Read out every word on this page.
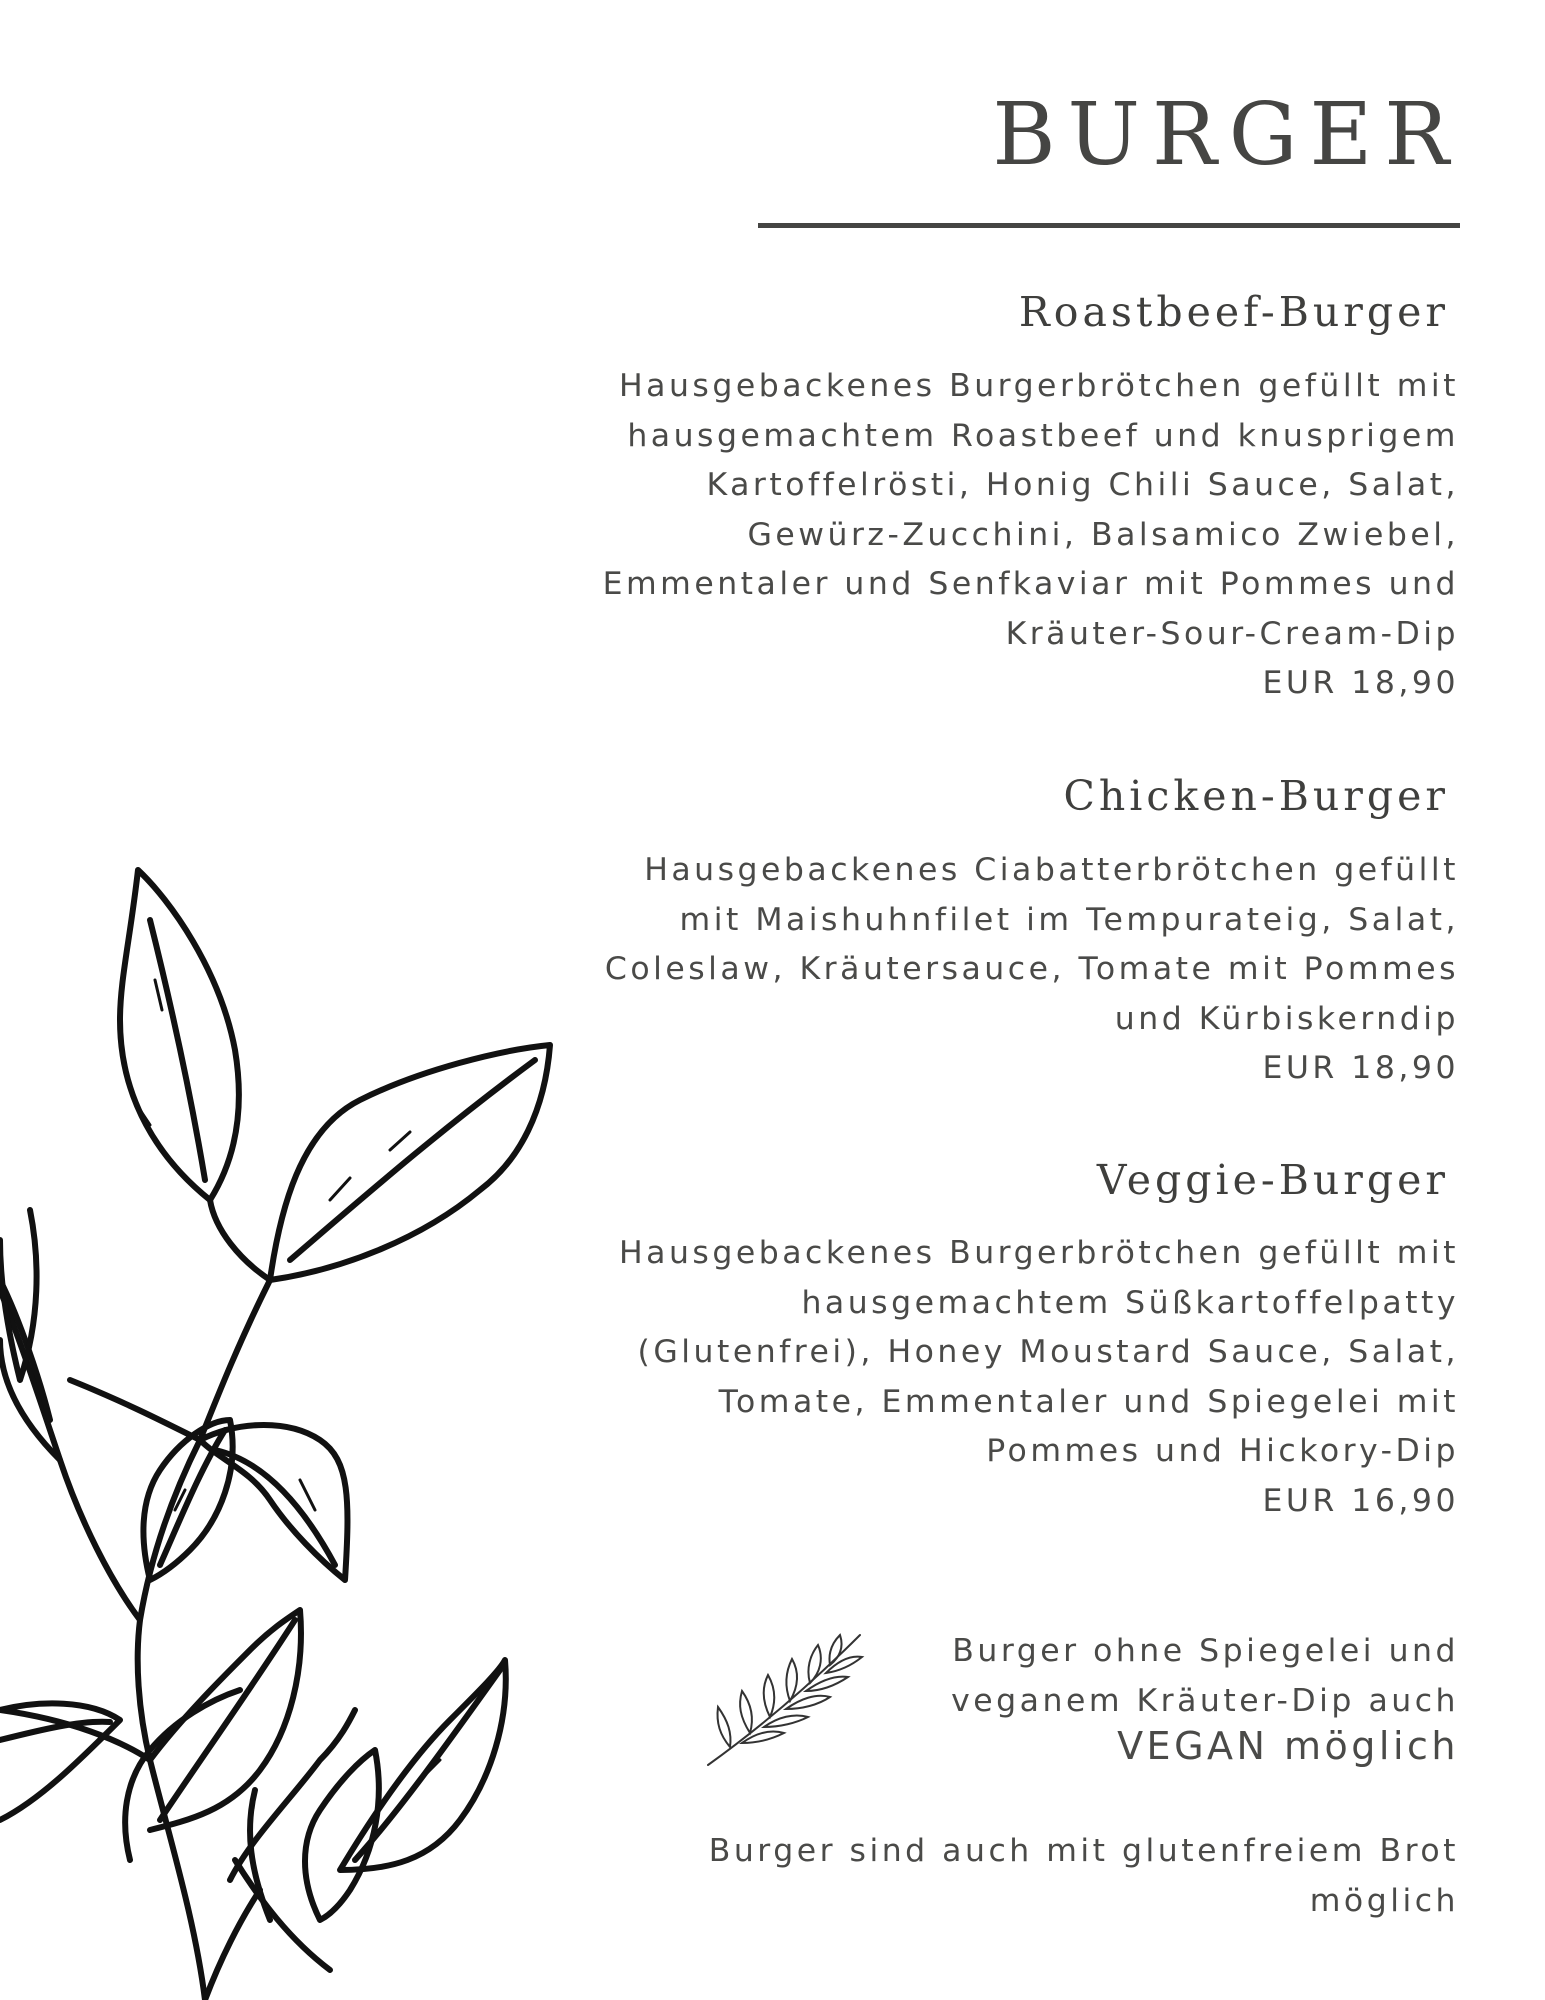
BURGER
Roastbeef-Burger
Hausgebackenes Burgerbrötchen gefüllt mit
hausgemachtem Roastbeef und knusprigem
Kartoffelrösti, Honig Chili Sauce, Salat,
Gewürz-Zucchini, Balsamico Zwiebel,
Emmentaler und Senfkaviar mit Pommes und
Kräuter-Sour-Cream-Dip
EUR 18,90
Chicken-Burger
Hausgebackenes Ciabatterbrötchen gefüllt
mit Maishuhnfilet im Tempurateig, Salat,
Coleslaw, Kräutersauce, Tomate mit Pommes
und Kürbiskerndip
EUR 18,90
Veggie-Burger
Hausgebackenes Burgerbrötchen gefüllt mit
hausgemachtem Süßkartoffelpatty
(Glutenfrei), Honey Moustard Sauce, Salat,
Tomate, Emmentaler und Spiegelei mit
Pommes und Hickory-Dip
EUR 16,90
Burger ohne Spiegelei und
veganem Kräuter-Dip auch
VEGAN möglich
Burger sind auch mit glutenfreiem Brot
möglich
